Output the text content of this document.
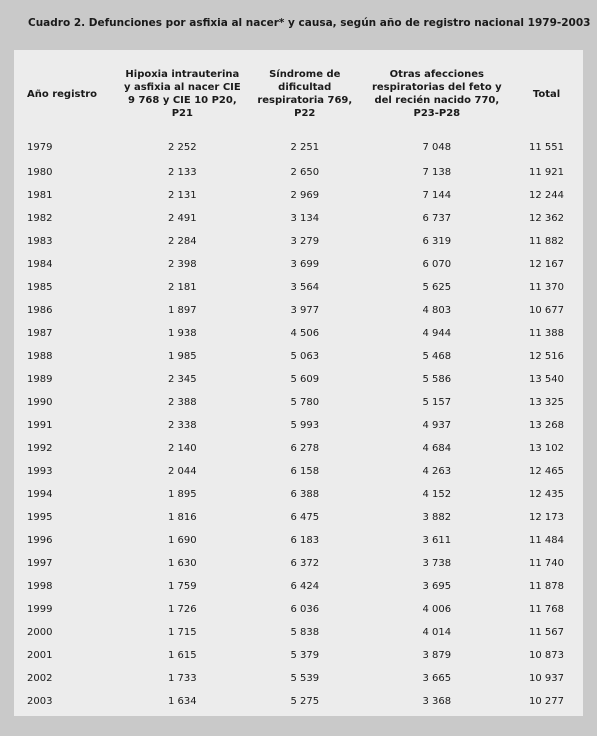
Cuadro 2. Defunciones por asfixia al nacer* y causa, según año de registro nacional 1979-2003
Año registro	Hipoxia intrauterina y asfixia al nacer CIE 9 768 y CIE 10 P20, P21	Síndrome de dificultad respiratoria 769, P22	Otras afecciones respiratorias del feto y del recién nacido 770, P23-P28	Total
1979	2 252	2 251	7 048	11 551
1980	2 133	2 650	7 138	11 921
1981	2 131	2 969	7 144	12 244
1982	2 491	3 134	6 737	12 362
1983	2 284	3 279	6 319	11 882
1984	2 398	3 699	6 070	12 167
1985	2 181	3 564	5 625	11 370
1986	1 897	3 977	4 803	10 677
1987	1 938	4 506	4 944	11 388
1988	1 985	5 063	5 468	12 516
1989	2 345	5 609	5 586	13 540
1990	2 388	5 780	5 157	13 325
1991	2 338	5 993	4 937	13 268
1992	2 140	6 278	4 684	13 102
1993	2 044	6 158	4 263	12 465
1994	1 895	6 388	4 152	12 435
1995	1 816	6 475	3 882	12 173
1996	1 690	6 183	3 611	11 484
1997	1 630	6 372	3 738	11 740
1998	1 759	6 424	3 695	11 878
1999	1 726	6 036	4 006	11 768
2000	1 715	5 838	4 014	11 567
2001	1 615	5 379	3 879	10 873
2002	1 733	5 539	3 665	10 937
2003	1 634	5 275	3 368	10 277
